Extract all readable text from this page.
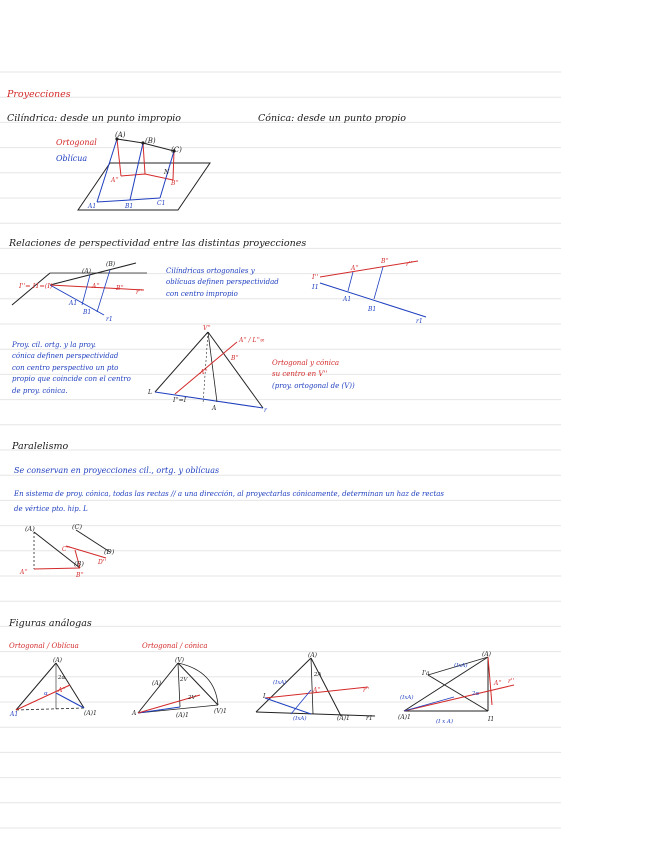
Proyecciones
Cilíndrica: desde un punto impropio	Cónica: desde un punto propio
Ortogonal
Oblícua
(A)
(B)
(C)
A''	B''
A1	B1	C1
N
Relaciones de perspectividad entre las distintas proyecciones
I''= I1=(I)
(A)
(B)
A''	B''
r''
A1
B1
r1
Cilíndricas ortogonales y
oblícuas definen perspectividad
con centro impropio
I''
I1
A''
B''	r''
A1
B1
r1
Proy. cil. ortg. y la proy.
cónica definen perspectividad
con centro perspectivo un pto
propio que coincide con el centro
de proy. cónica.
V''
A'' / L''∞
B''
A''
I''=I
A	r
L
Ortogonal y cónica
su centro en V''
(proy. ortogonal de (V))
Paralelismo
Se conservan en proyecciones cil., ortg. y oblícuas
En sistema de proy. cónica, todas las rectas // a una dirección, al proyectarlas cónicamente, determinan un haz de rectas
de vértice pto. hip. L
(A)	(C)
(D)
(B)
A''
C''
D''
B''
Figuras análogas
Ortogonal / Oblícua	Ortogonal / cónica
(A)
A''
A1	(A)1
2α
α
(V)
(A)
(A)1
(V)1
A
2V
2V
(A)
I
(IxA)
(IxA)
A''
(A)1
r''
r1
2A
(A)
I'a
(IxA)
(IxA)
(A)1
(I x A)	I1
A'' r''
2α
